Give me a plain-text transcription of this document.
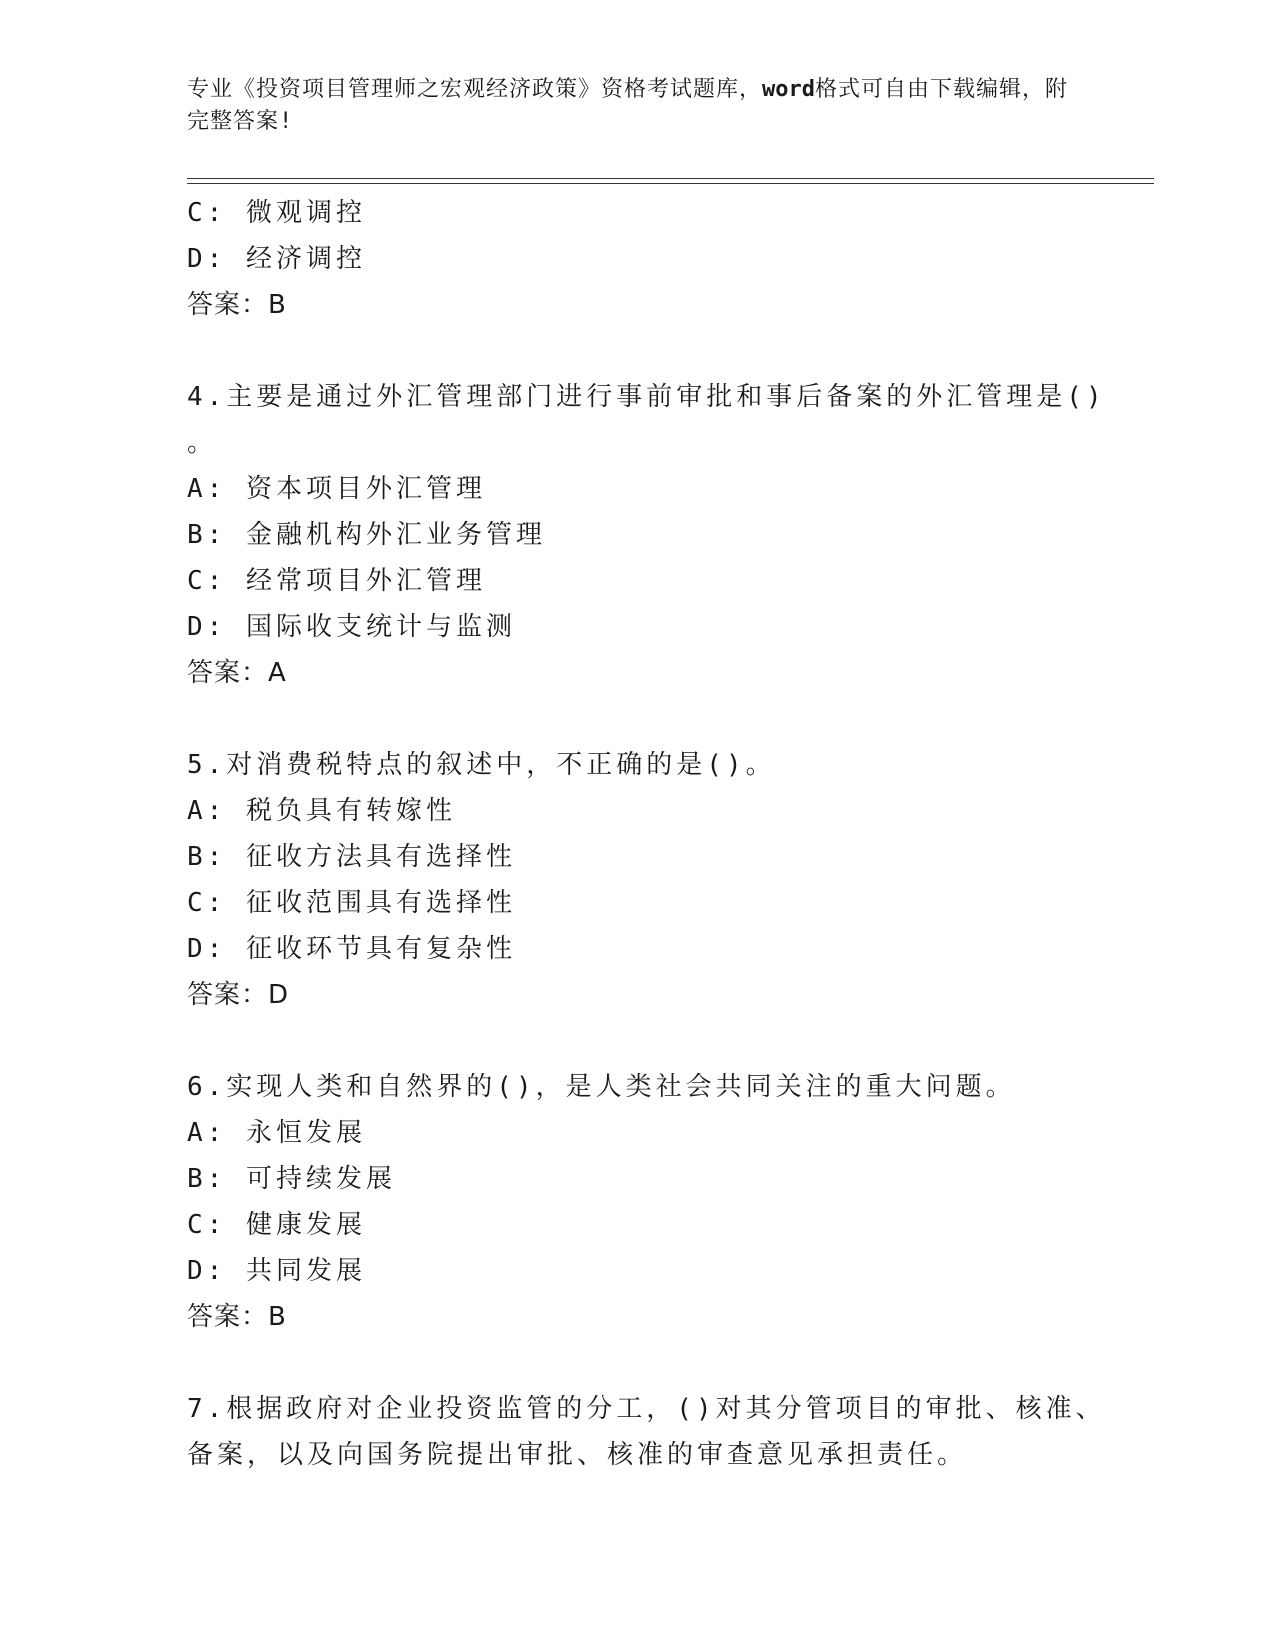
专业《投资项目管理师之宏观经济政策》资格考试题库，word格式可自由下载编辑，附完整答案!
C: 微观调控
D: 经济调控
答案：B
4.主要是通过外汇管理部门进行事前审批和事后备案的外汇管理是()
。
A: 资本项目外汇管理
B: 金融机构外汇业务管理
C: 经常项目外汇管理
D: 国际收支统计与监测
答案：A
5.对消费税特点的叙述中，不正确的是()。
A: 税负具有转嫁性
B: 征收方法具有选择性
C: 征收范围具有选择性
D: 征收环节具有复杂性
答案：D
6.实现人类和自然界的()，是人类社会共同关注的重大问题。
A: 永恒发展
B: 可持续发展
C: 健康发展
D: 共同发展
答案：B
7.根据政府对企业投资监管的分工，()对其分管项目的审批、核准、
备案，以及向国务院提出审批、核准的审查意见承担责任。
